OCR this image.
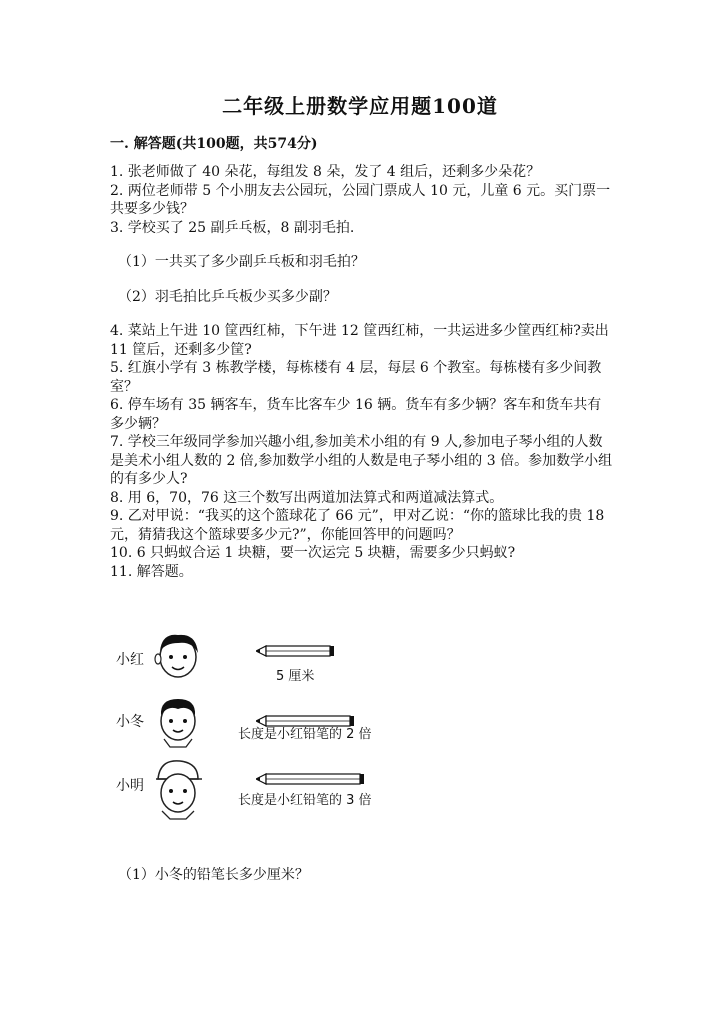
二年级上册数学应用题100道
一. 解答题(共100题，共574分)

1. 张老师做了 40 朵花，每组发 8 朵，发了 4 组后，还剩多少朵花？

2. 两位老师带 5 个小朋友去公园玩，公园门票成人 10 元，儿童 6 元。买门票一共要多少钱？

3. 学校买了 25 副乒乓板，8 副羽毛拍.

（1）一共买了多少副乒乓板和羽毛拍？

（2）羽毛拍比乒乓板少买多少副？

4. 菜站上午进 10 筐西红柿，下午进 12 筐西红柿，一共运进多少筐西红柿?卖出 11 筐后，还剩多少筐?

5. 红旗小学有 3 栋教学楼，每栋楼有 4 层，每层 6 个教室。每栋楼有多少间教室？

6. 停车场有 35 辆客车，货车比客车少 16 辆。货车有多少辆？客车和货车共有多少辆？

7. 学校三年级同学参加兴趣小组,参加美术小组的有 9 人,参加电子琴小组的人数是美术小组人数的 2 倍,参加数学小组的人数是电子琴小组的 3 倍。参加数学小组的有多少人?

8. 用 6，70，76 这三个数写出两道加法算式和两道减法算式。

9. 乙对甲说：“我买的这个篮球花了 66 元”，甲对乙说：“你的篮球比我的贵 18 元，猜猜我这个篮球要多少元?”，你能回答甲的问题吗？

10. 6 只蚂蚁合运 1 块糖，要一次运完 5 块糖，需要多少只蚂蚁?

11. 解答题。

小红
5 厘米
小冬
长度是小红铅笔的 2 倍
小明
长度是小红铅笔的 3 倍
（1）小冬的铅笔长多少厘米？
